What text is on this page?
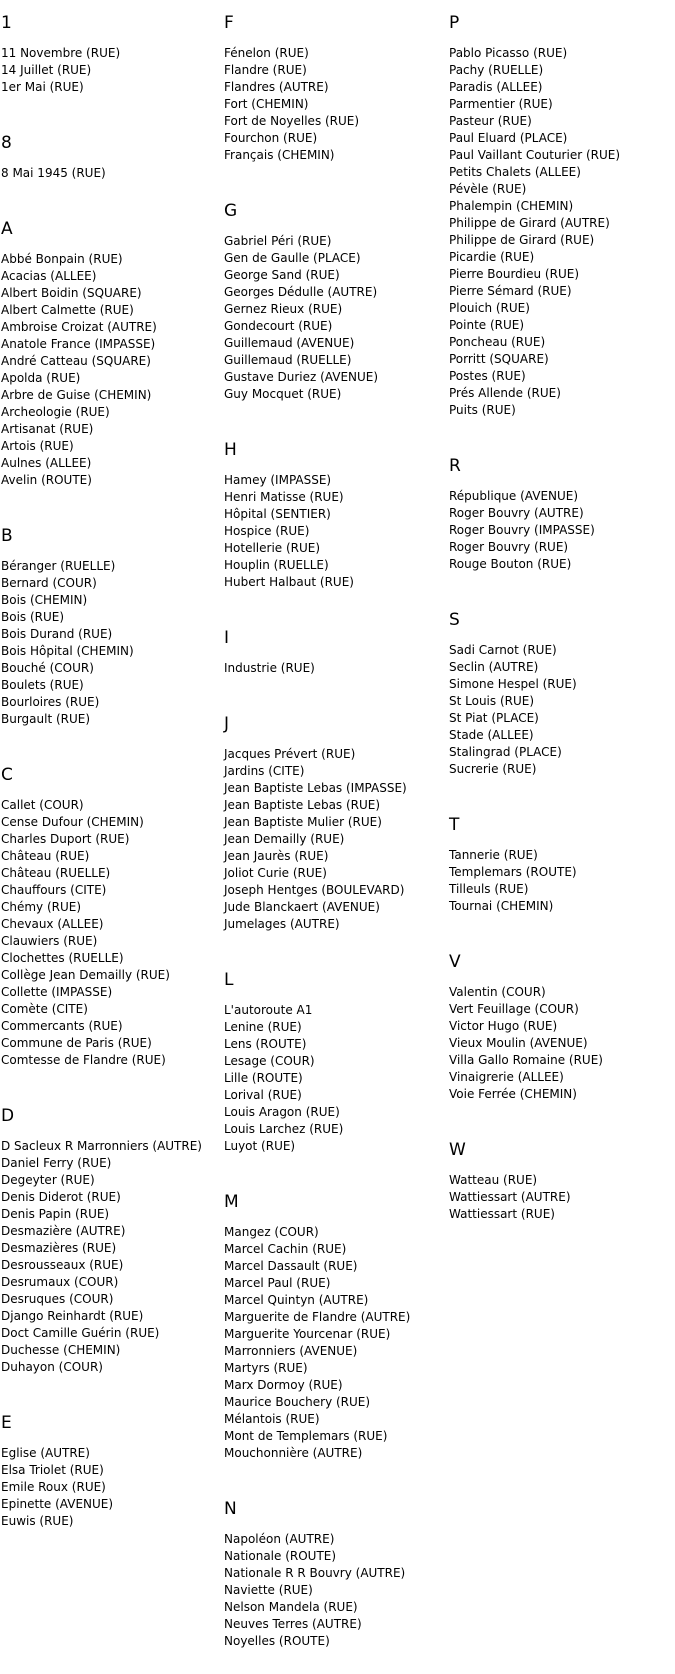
1
11 Novembre (RUE)
14 Juillet (RUE)
1er Mai (RUE)
8
8 Mai 1945 (RUE)
A
Abbé Bonpain (RUE)
Acacias (ALLEE)
Albert Boidin (SQUARE)
Albert Calmette (RUE)
Ambroise Croizat (AUTRE)
Anatole France (IMPASSE)
André Catteau (SQUARE)
Apolda (RUE)
Arbre de Guise (CHEMIN)
Archeologie (RUE)
Artisanat (RUE)
Artois (RUE)
Aulnes (ALLEE)
Avelin (ROUTE)
B
Béranger (RUELLE)
Bernard (COUR)
Bois (CHEMIN)
Bois (RUE)
Bois Durand (RUE)
Bois Hôpital (CHEMIN)
Bouché (COUR)
Boulets (RUE)
Bourloires (RUE)
Burgault (RUE)
C
Callet (COUR)
Cense Dufour (CHEMIN)
Charles Duport (RUE)
Château (RUE)
Château (RUELLE)
Chauffours (CITE)
Chémy (RUE)
Chevaux (ALLEE)
Clauwiers (RUE)
Clochettes (RUELLE)
Collège Jean Demailly (RUE)
Collette (IMPASSE)
Comète (CITE)
Commercants (RUE)
Commune de Paris (RUE)
Comtesse de Flandre (RUE)
D
D Sacleux R Marronniers (AUTRE)
Daniel Ferry (RUE)
Degeyter (RUE)
Denis Diderot (RUE)
Denis Papin (RUE)
Desmazière (AUTRE)
Desmazières (RUE)
Desrousseaux (RUE)
Desrumaux (COUR)
Desruques (COUR)
Django Reinhardt (RUE)
Doct Camille Guérin (RUE)
Duchesse (CHEMIN)
Duhayon (COUR)
E
Eglise (AUTRE)
Elsa Triolet (RUE)
Emile Roux (RUE)
Epinette (AVENUE)
Euwis (RUE)
F
Fénelon (RUE)
Flandre (RUE)
Flandres (AUTRE)
Fort (CHEMIN)
Fort de Noyelles (RUE)
Fourchon (RUE)
Français (CHEMIN)
G
Gabriel Péri (RUE)
Gen de Gaulle (PLACE)
George Sand (RUE)
Georges Dédulle (AUTRE)
Gernez Rieux (RUE)
Gondecourt (RUE)
Guillemaud (AVENUE)
Guillemaud (RUELLE)
Gustave Duriez (AVENUE)
Guy Mocquet (RUE)
H
Hamey (IMPASSE)
Henri Matisse (RUE)
Hôpital (SENTIER)
Hospice (RUE)
Hotellerie (RUE)
Houplin (RUELLE)
Hubert Halbaut (RUE)
I
Industrie (RUE)
J
Jacques Prévert (RUE)
Jardins (CITE)
Jean Baptiste Lebas (IMPASSE)
Jean Baptiste Lebas (RUE)
Jean Baptiste Mulier (RUE)
Jean Demailly (RUE)
Jean Jaurès (RUE)
Joliot Curie (RUE)
Joseph Hentges (BOULEVARD)
Jude Blanckaert (AVENUE)
Jumelages (AUTRE)
L
L'autoroute A1
Lenine (RUE)
Lens (ROUTE)
Lesage (COUR)
Lille (ROUTE)
Lorival (RUE)
Louis Aragon (RUE)
Louis Larchez (RUE)
Luyot (RUE)
M
Mangez (COUR)
Marcel Cachin (RUE)
Marcel Dassault (RUE)
Marcel Paul (RUE)
Marcel Quintyn (AUTRE)
Marguerite de Flandre (AUTRE)
Marguerite Yourcenar (RUE)
Marronniers (AVENUE)
Martyrs (RUE)
Marx Dormoy (RUE)
Maurice Bouchery (RUE)
Mélantois (RUE)
Mont de Templemars (RUE)
Mouchonnière (AUTRE)
N
Napoléon (AUTRE)
Nationale (ROUTE)
Nationale R R Bouvry (AUTRE)
Naviette (RUE)
Nelson Mandela (RUE)
Neuves Terres (AUTRE)
Noyelles (ROUTE)
P
Pablo Picasso (RUE)
Pachy (RUELLE)
Paradis (ALLEE)
Parmentier (RUE)
Pasteur (RUE)
Paul Eluard (PLACE)
Paul Vaillant Couturier (RUE)
Petits Chalets (ALLEE)
Pévèle (RUE)
Phalempin (CHEMIN)
Philippe de Girard (AUTRE)
Philippe de Girard (RUE)
Picardie (RUE)
Pierre Bourdieu (RUE)
Pierre Sémard (RUE)
Plouich (RUE)
Pointe (RUE)
Poncheau (RUE)
Porritt (SQUARE)
Postes (RUE)
Prés Allende (RUE)
Puits (RUE)
R
République (AVENUE)
Roger Bouvry (AUTRE)
Roger Bouvry (IMPASSE)
Roger Bouvry (RUE)
Rouge Bouton (RUE)
S
Sadi Carnot (RUE)
Seclin (AUTRE)
Simone Hespel (RUE)
St Louis (RUE)
St Piat (PLACE)
Stade (ALLEE)
Stalingrad (PLACE)
Sucrerie (RUE)
T
Tannerie (RUE)
Templemars (ROUTE)
Tilleuls (RUE)
Tournai (CHEMIN)
V
Valentin (COUR)
Vert Feuillage (COUR)
Victor Hugo (RUE)
Vieux Moulin (AVENUE)
Villa Gallo Romaine (RUE)
Vinaigrerie (ALLEE)
Voie Ferrée (CHEMIN)
W
Watteau (RUE)
Wattiessart (AUTRE)
Wattiessart (RUE)
